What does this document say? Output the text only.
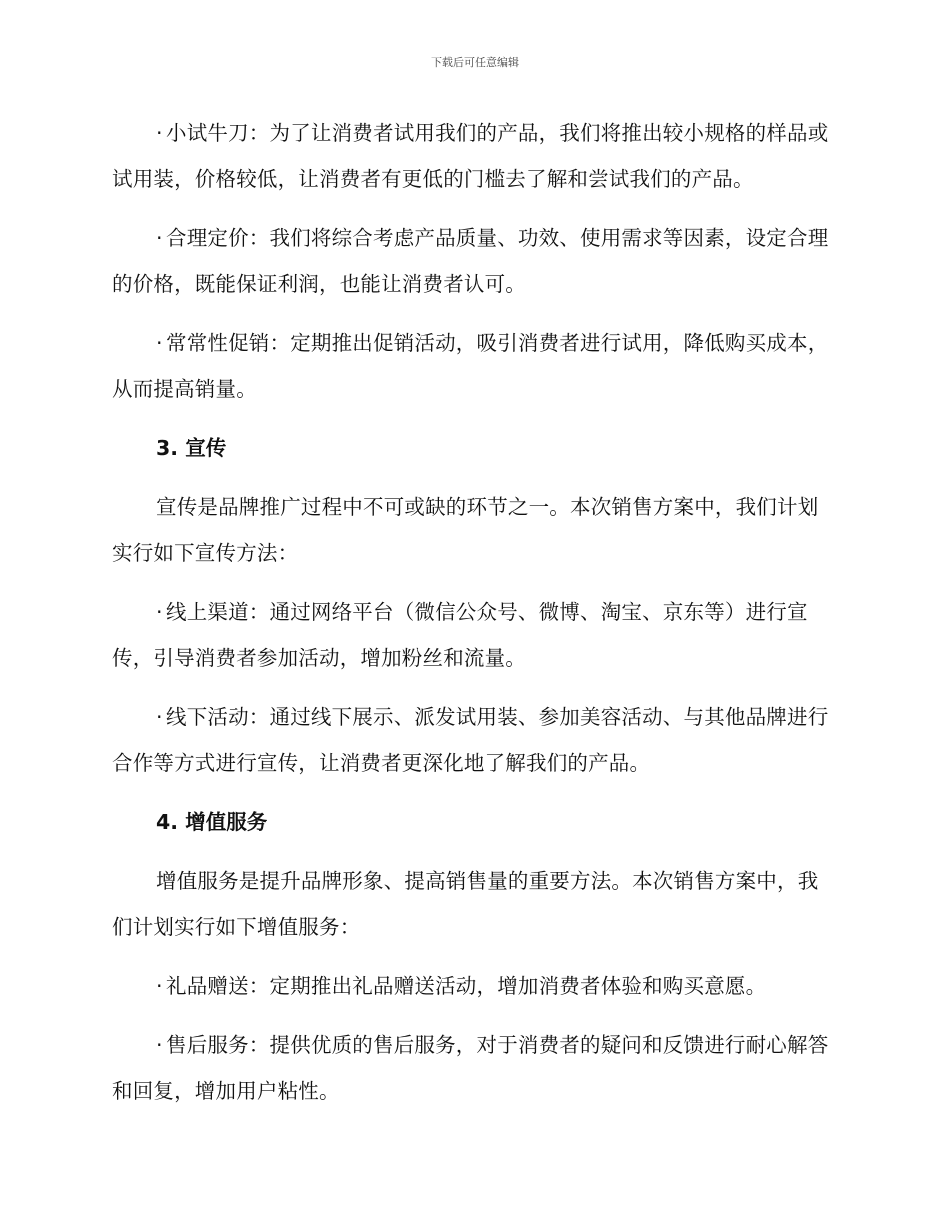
下载后可任意编辑

· 小试牛刀：为了让消费者试用我们的产品，我们将推出较小规格的样品或试用装，价格较低，让消费者有更低的门槛去了解和尝试我们的产品。

· 合理定价：我们将综合考虑产品质量、功效、使用需求等因素，设定合理的价格，既能保证利润，也能让消费者认可。

· 常常性促销：定期推出促销活动，吸引消费者进行试用，降低购买成本，从而提高销量。

3. 宣传

宣传是品牌推广过程中不可或缺的环节之一。本次销售方案中，我们计划实行如下宣传方法：

· 线上渠道：通过网络平台（微信公众号、微博、淘宝、京东等）进行宣传，引导消费者参加活动，增加粉丝和流量。

· 线下活动：通过线下展示、派发试用装、参加美容活动、与其他品牌进行合作等方式进行宣传，让消费者更深化地了解我们的产品。

4. 增值服务

增值服务是提升品牌形象、提高销售量的重要方法。本次销售方案中，我们计划实行如下增值服务：

· 礼品赠送：定期推出礼品赠送活动，增加消费者体验和购买意愿。

· 售后服务：提供优质的售后服务，对于消费者的疑问和反馈进行耐心解答和回复，增加用户粘性。
